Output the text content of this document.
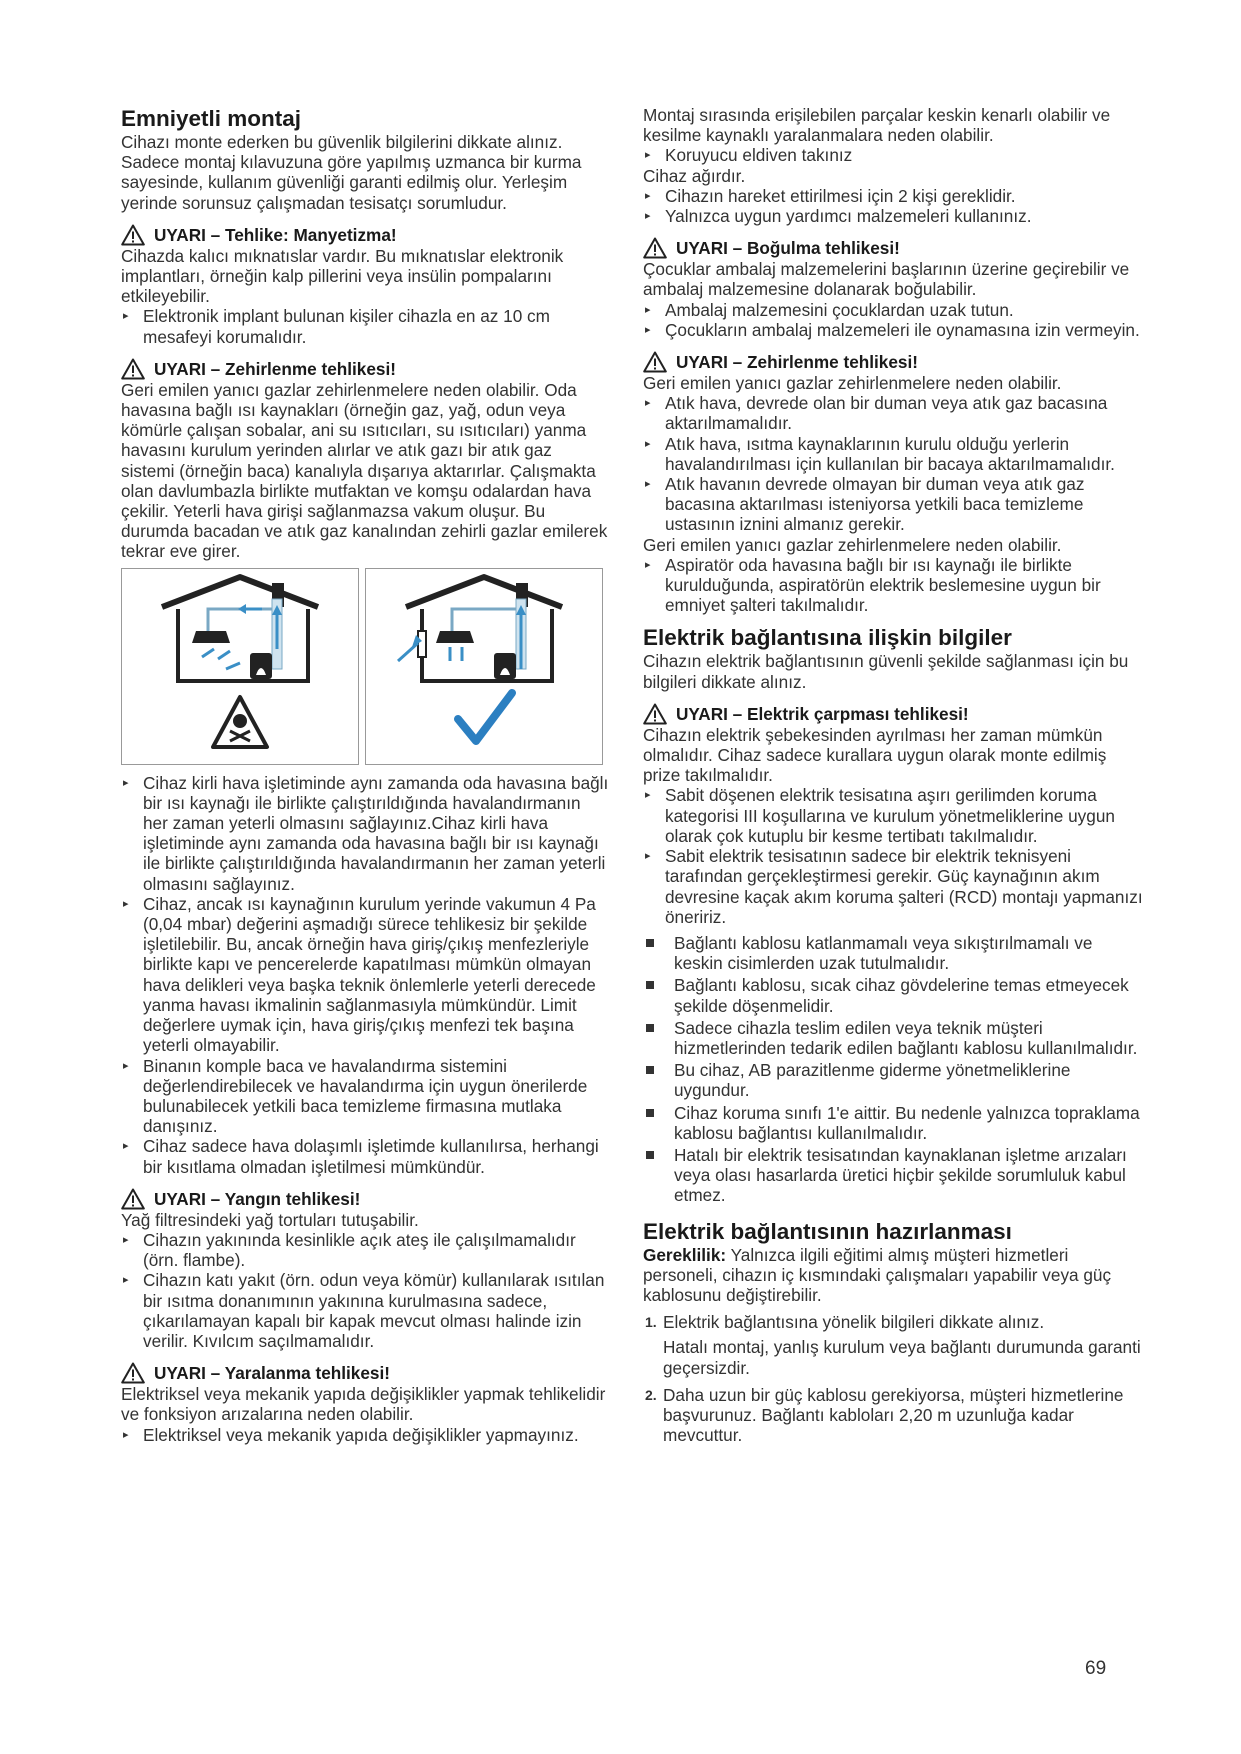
Emniyetli montaj

Cihazı monte ederken bu güvenlik bilgilerini dikkate alınız.

Sadece montaj kılavuzuna göre yapılmış uzmanca bir kurma sayesinde, kullanım güvenliği garanti edilmiş olur. Yerleşim yerinde sorunsuz çalışmadan tesisatçı sorumludur.

UYARI – Tehlike: Manyetizma!

Cihazda kalıcı mıknatıslar vardır. Bu mıknatıslar elektronik implantları, örneğin kalp pillerini veya insülin pompalarını etkileyebilir.

▸ Elektronik implant bulunan kişiler cihazla en az 10 cm mesafeyi korumalıdır.
UYARI – Zehirlenme tehlikesi!

Geri emilen yanıcı gazlar zehirlenmelere neden olabilir. Oda havasına bağlı ısı kaynakları (örneğin gaz, yağ, odun veya kömürle çalışan sobalar, ani su ısıtıcıları, su ısıtıcıları) yanma havasını kurulum yerinden alırlar ve atık gazı bir atık gaz sistemi (örneğin baca) kanalıyla dışarıya aktarırlar. Çalışmakta olan davlumbazla birlikte mutfaktan ve komşu odalardan hava çekilir. Yeterli hava girişi sağlanmazsa vakum oluşur. Bu durumda bacadan ve atık gaz kanalından zehirli gazlar emilerek tekrar eve girer.

▸ Cihaz kirli hava işletiminde aynı zamanda oda havasına bağlı bir ısı kaynağı ile birlikte çalıştırıldığında havalandırmanın her zaman yeterli olmasını sağlayınız.Cihaz kirli hava işletiminde aynı zamanda oda havasına bağlı bir ısı kaynağı ile birlikte çalıştırıldığında havalandırmanın her zaman yeterli olmasını sağlayınız.
▸ Cihaz, ancak ısı kaynağının kurulum yerinde vakumun 4 Pa (0,04 mbar) değerini aşmadığı sürece tehlikesiz bir şekilde işletilebilir. Bu, ancak örneğin hava giriş/çıkış menfezleriyle birlikte kapı ve pencerelerde kapatılması mümkün olmayan hava delikleri veya başka teknik önlemlerle yeterli derecede yanma havası ikmalinin sağlanmasıyla mümkündür. Limit değerlere uymak için, hava giriş/çıkış menfezi tek başına yeterli olmayabilir.
▸ Binanın komple baca ve havalandırma sistemini değerlendirebilecek ve havalandırma için uygun önerilerde bulunabilecek yetkili baca temizleme firmasına mutlaka danışınız.
▸ Cihaz sadece hava dolaşımlı işletimde kullanılırsa, herhangi bir kısıtlama olmadan işletilmesi mümkündür.
UYARI – Yangın tehlikesi!

Yağ filtresindeki yağ tortuları tutuşabilir.

▸ Cihazın yakınında kesinlikle açık ateş ile çalışılmamalıdır (örn. flambe).
▸ Cihazın katı yakıt (örn. odun veya kömür) kullanılarak ısıtılan bir ısıtma donanımının yakınına kurulmasına sadece, çıkarılamayan kapalı bir kapak mevcut olması halinde izin verilir. Kıvılcım saçılmamalıdır.
UYARI – Yaralanma tehlikesi!

Elektriksel veya mekanik yapıda değişiklikler yapmak tehlikelidir ve fonksiyon arızalarına neden olabilir.

▸ Elektriksel veya mekanik yapıda değişiklikler yapmayınız.

Montaj sırasında erişilebilen parçalar keskin kenarlı olabilir ve kesilme kaynaklı yaralanmalara neden olabilir.

▸ Koruyucu eldiven takınız

Cihaz ağırdır.

▸ Cihazın hareket ettirilmesi için 2 kişi gereklidir.
▸ Yalnızca uygun yardımcı malzemeleri kullanınız.
UYARI – Boğulma tehlikesi!

Çocuklar ambalaj malzemelerini başlarının üzerine geçirebilir ve ambalaj malzemesine dolanarak boğulabilir.

▸ Ambalaj malzemesini çocuklardan uzak tutun.
▸ Çocukların ambalaj malzemeleri ile oynamasına izin vermeyin.
UYARI – Zehirlenme tehlikesi!

Geri emilen yanıcı gazlar zehirlenmelere neden olabilir.

▸ Atık hava, devrede olan bir duman veya atık gaz bacasına aktarılmamalıdır.
▸ Atık hava, ısıtma kaynaklarının kurulu olduğu yerlerin havalandırılması için kullanılan bir bacaya aktarılmamalıdır.
▸ Atık havanın devrede olmayan bir duman veya atık gaz bacasına aktarılması isteniyorsa yetkili baca temizleme ustasının iznini almanız gerekir.

Geri emilen yanıcı gazlar zehirlenmelere neden olabilir.

▸ Aspiratör oda havasına bağlı bir ısı kaynağı ile birlikte kurulduğunda, aspiratörün elektrik beslemesine uygun bir emniyet şalteri takılmalıdır.
Elektrik bağlantısına ilişkin bilgiler

Cihazın elektrik bağlantısının güvenli şekilde sağlanması için bu bilgileri dikkate alınız.

UYARI – Elektrik çarpması tehlikesi!

Cihazın elektrik şebekesinden ayrılması her zaman mümkün olmalıdır. Cihaz sadece kurallara uygun olarak monte edilmiş prize takılmalıdır.

▸ Sabit döşenen elektrik tesisatına aşırı gerilimden koruma kategorisi III koşullarına ve kurulum yönetmeliklerine uygun olarak çok kutuplu bir kesme tertibatı takılmalıdır.
▸ Sabit elektrik tesisatının sadece bir elektrik teknisyeni tarafından gerçekleştirmesi gerekir. Güç kaynağının akım devresine kaçak akım koruma şalteri (RCD) montajı yapmanızı öneririz.
Bağlantı kablosu katlanmamalı veya sıkıştırılmamalı ve keskin cisimlerden uzak tutulmalıdır.
Bağlantı kablosu, sıcak cihaz gövdelerine temas etmeyecek şekilde döşenmelidir.
Sadece cihazla teslim edilen veya teknik müşteri hizmetlerinden tedarik edilen bağlantı kablosu kullanılmalıdır.
Bu cihaz, AB parazitlenme giderme yönetmeliklerine uygundur.
Cihaz koruma sınıfı 1'e aittir. Bu nedenle yalnızca topraklama kablosu bağlantısı kullanılmalıdır.
Hatalı bir elektrik tesisatından kaynaklanan işletme arızaları veya olası hasarlarda üretici hiçbir şekilde sorumluluk kabul etmez.
Elektrik bağlantısının hazırlanması

Gereklilik: Yalnızca ilgili eğitimi almış müşteri hizmetleri personeli, cihazın iç kısmındaki çalışmaları yapabilir veya güç kablosunu değiştirebilir.

1. Elektrik bağlantısına yönelik bilgileri dikkate alınız.

Hatalı montaj, yanlış kurulum veya bağlantı durumunda garanti geçersizdir.

2. Daha uzun bir güç kablosu gerekiyorsa, müşteri hizmetlerine başvurunuz. Bağlantı kabloları 2,20 m uzunluğa kadar mevcuttur.
69
